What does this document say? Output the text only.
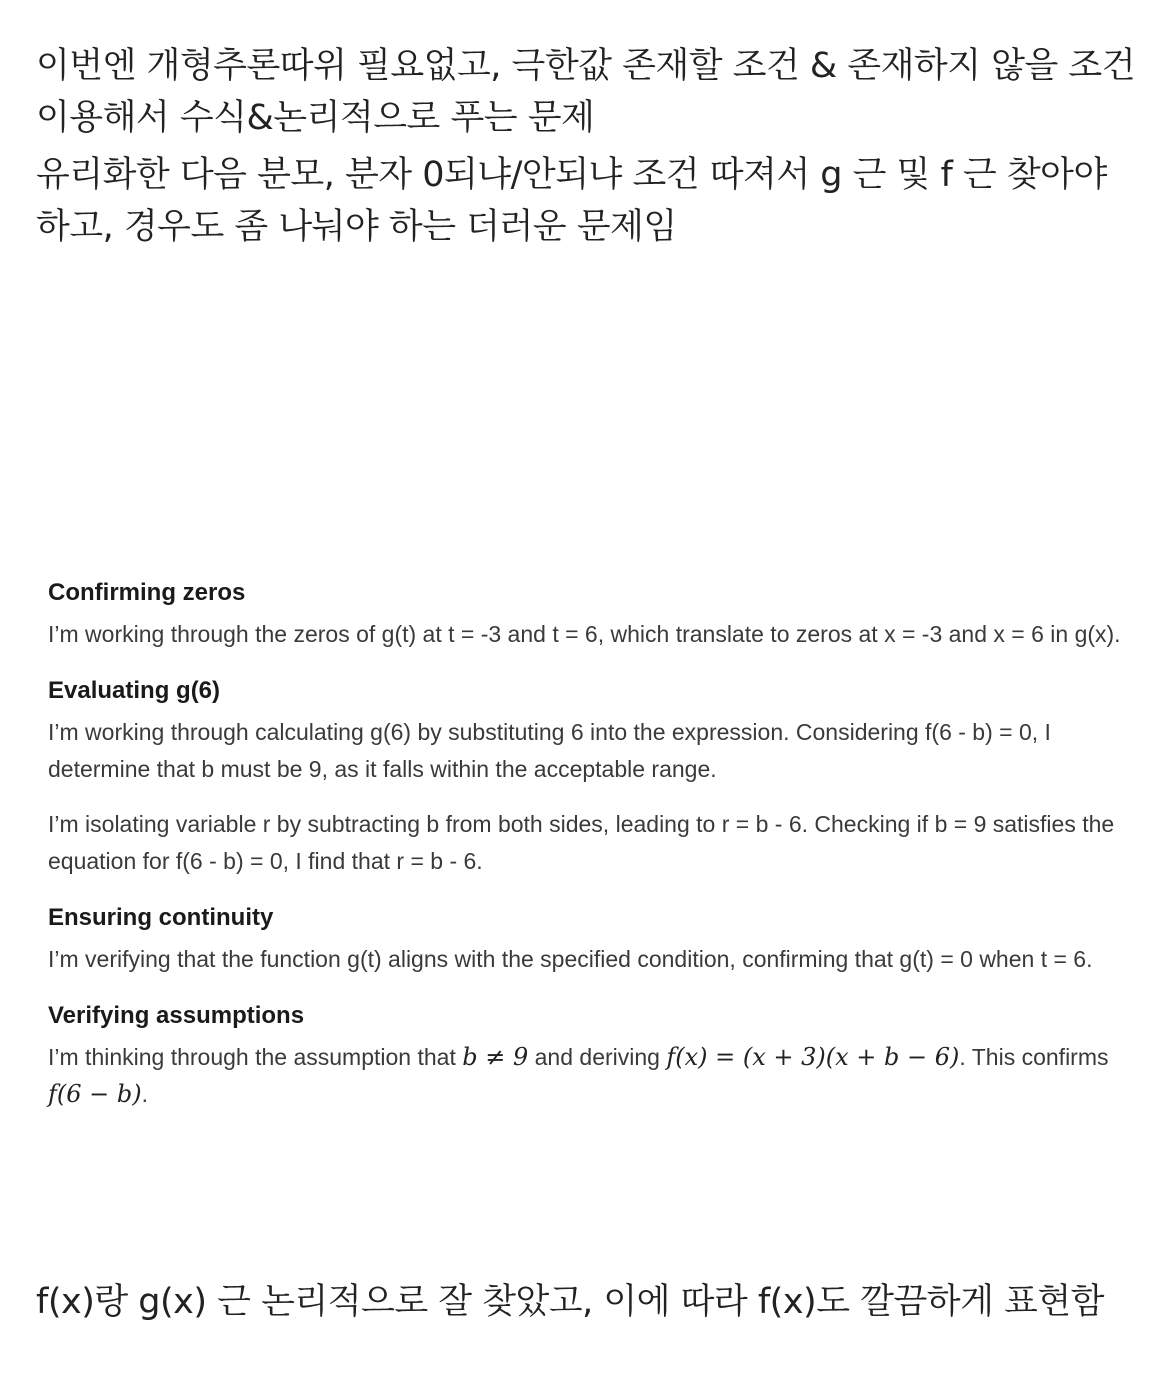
이번엔 개형추론따위 필요없고, 극한값 존재할 조건 & 존재하지 않을 조건 이용해서 수식&논리적으로 푸는 문제

유리화한 다음 분모, 분자 0되냐/안되냐 조건 따져서 g 근 및 f 근 찾아야 하고, 경우도 좀 나눠야 하는 더러운 문제임

Confirming zeros

I’m working through the zeros of g(t) at t = -3 and t = 6, which translate to zeros at x = -3 and x = 6 in g(x).

Evaluating g(6)

I’m working through calculating g(6) by substituting 6 into the expression. Considering f(6 - b) = 0, I determine that b must be 9, as it falls within the acceptable range.

I’m isolating variable r by subtracting b from both sides, leading to r = b - 6. Checking if b = 9 satisfies the equation for f(6 - b) = 0, I find that r = b - 6.

Ensuring continuity

I’m verifying that the function g(t) aligns with the specified condition, confirming that g(t) = 0 when t = 6.

Verifying assumptions

I’m thinking through the assumption that b ≠ 9 and deriving f(x) = (x + 3)(x + b − 6). This confirms f(6 − b).

f(x)랑 g(x) 근 논리적으로 잘 찾았고, 이에 따라 f(x)도 깔끔하게 표현함
